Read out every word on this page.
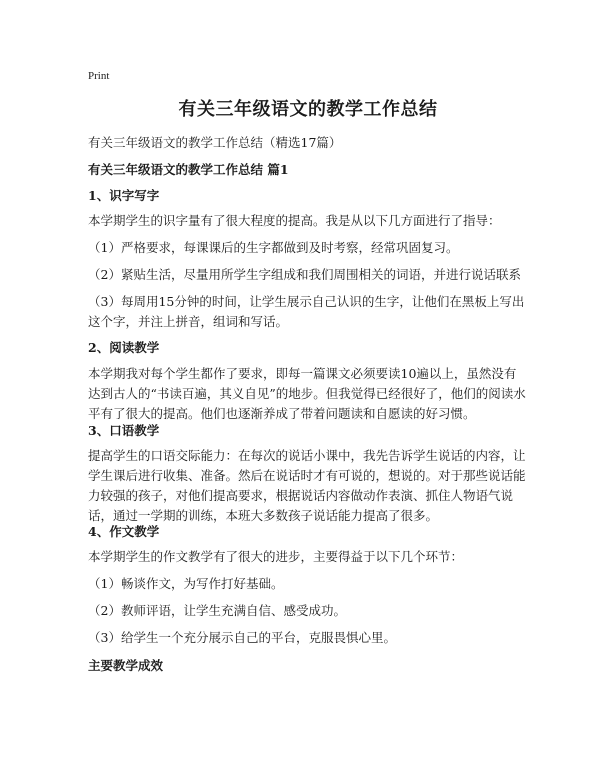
Print
有关三年级语文的教学工作总结
有关三年级语文的教学工作总结（精选17篇）
有关三年级语文的教学工作总结 篇1
1、识字写字
本学期学生的识字量有了很大程度的提高。我是从以下几方面进行了指导：
（1）严格要求，每课课后的生字都做到及时考察，经常巩固复习。
（2）紧贴生活，尽量用所学生字组成和我们周围相关的词语，并进行说话联系
（3）每周用15分钟的时间，让学生展示自己认识的生字，让他们在黑板上写出这个字，并注上拼音，组词和写话。
2、阅读教学
本学期我对每个学生都作了要求，即每一篇课文必须要读10遍以上，虽然没有达到古人的“书读百遍，其义自见”的地步。但我觉得已经很好了，他们的阅读水平有了很大的提高。他们也逐渐养成了带着问题读和自愿读的好习惯。
3、口语教学
提高学生的口语交际能力：在每次的说话小课中，我先告诉学生说话的内容，让学生课后进行收集、准备。然后在说话时才有可说的，想说的。对于那些说话能力较强的孩子，对他们提高要求，根据说话内容做动作表演、抓住人物语气说话，通过一学期的训练，本班大多数孩子说话能力提高了很多。
4、作文教学
本学期学生的作文教学有了很大的进步，主要得益于以下几个环节：
（1）畅谈作文，为写作打好基础。
（2）教师评语，让学生充满自信、感受成功。
（3）给学生一个充分展示自己的平台，克服畏惧心里。
主要教学成效
